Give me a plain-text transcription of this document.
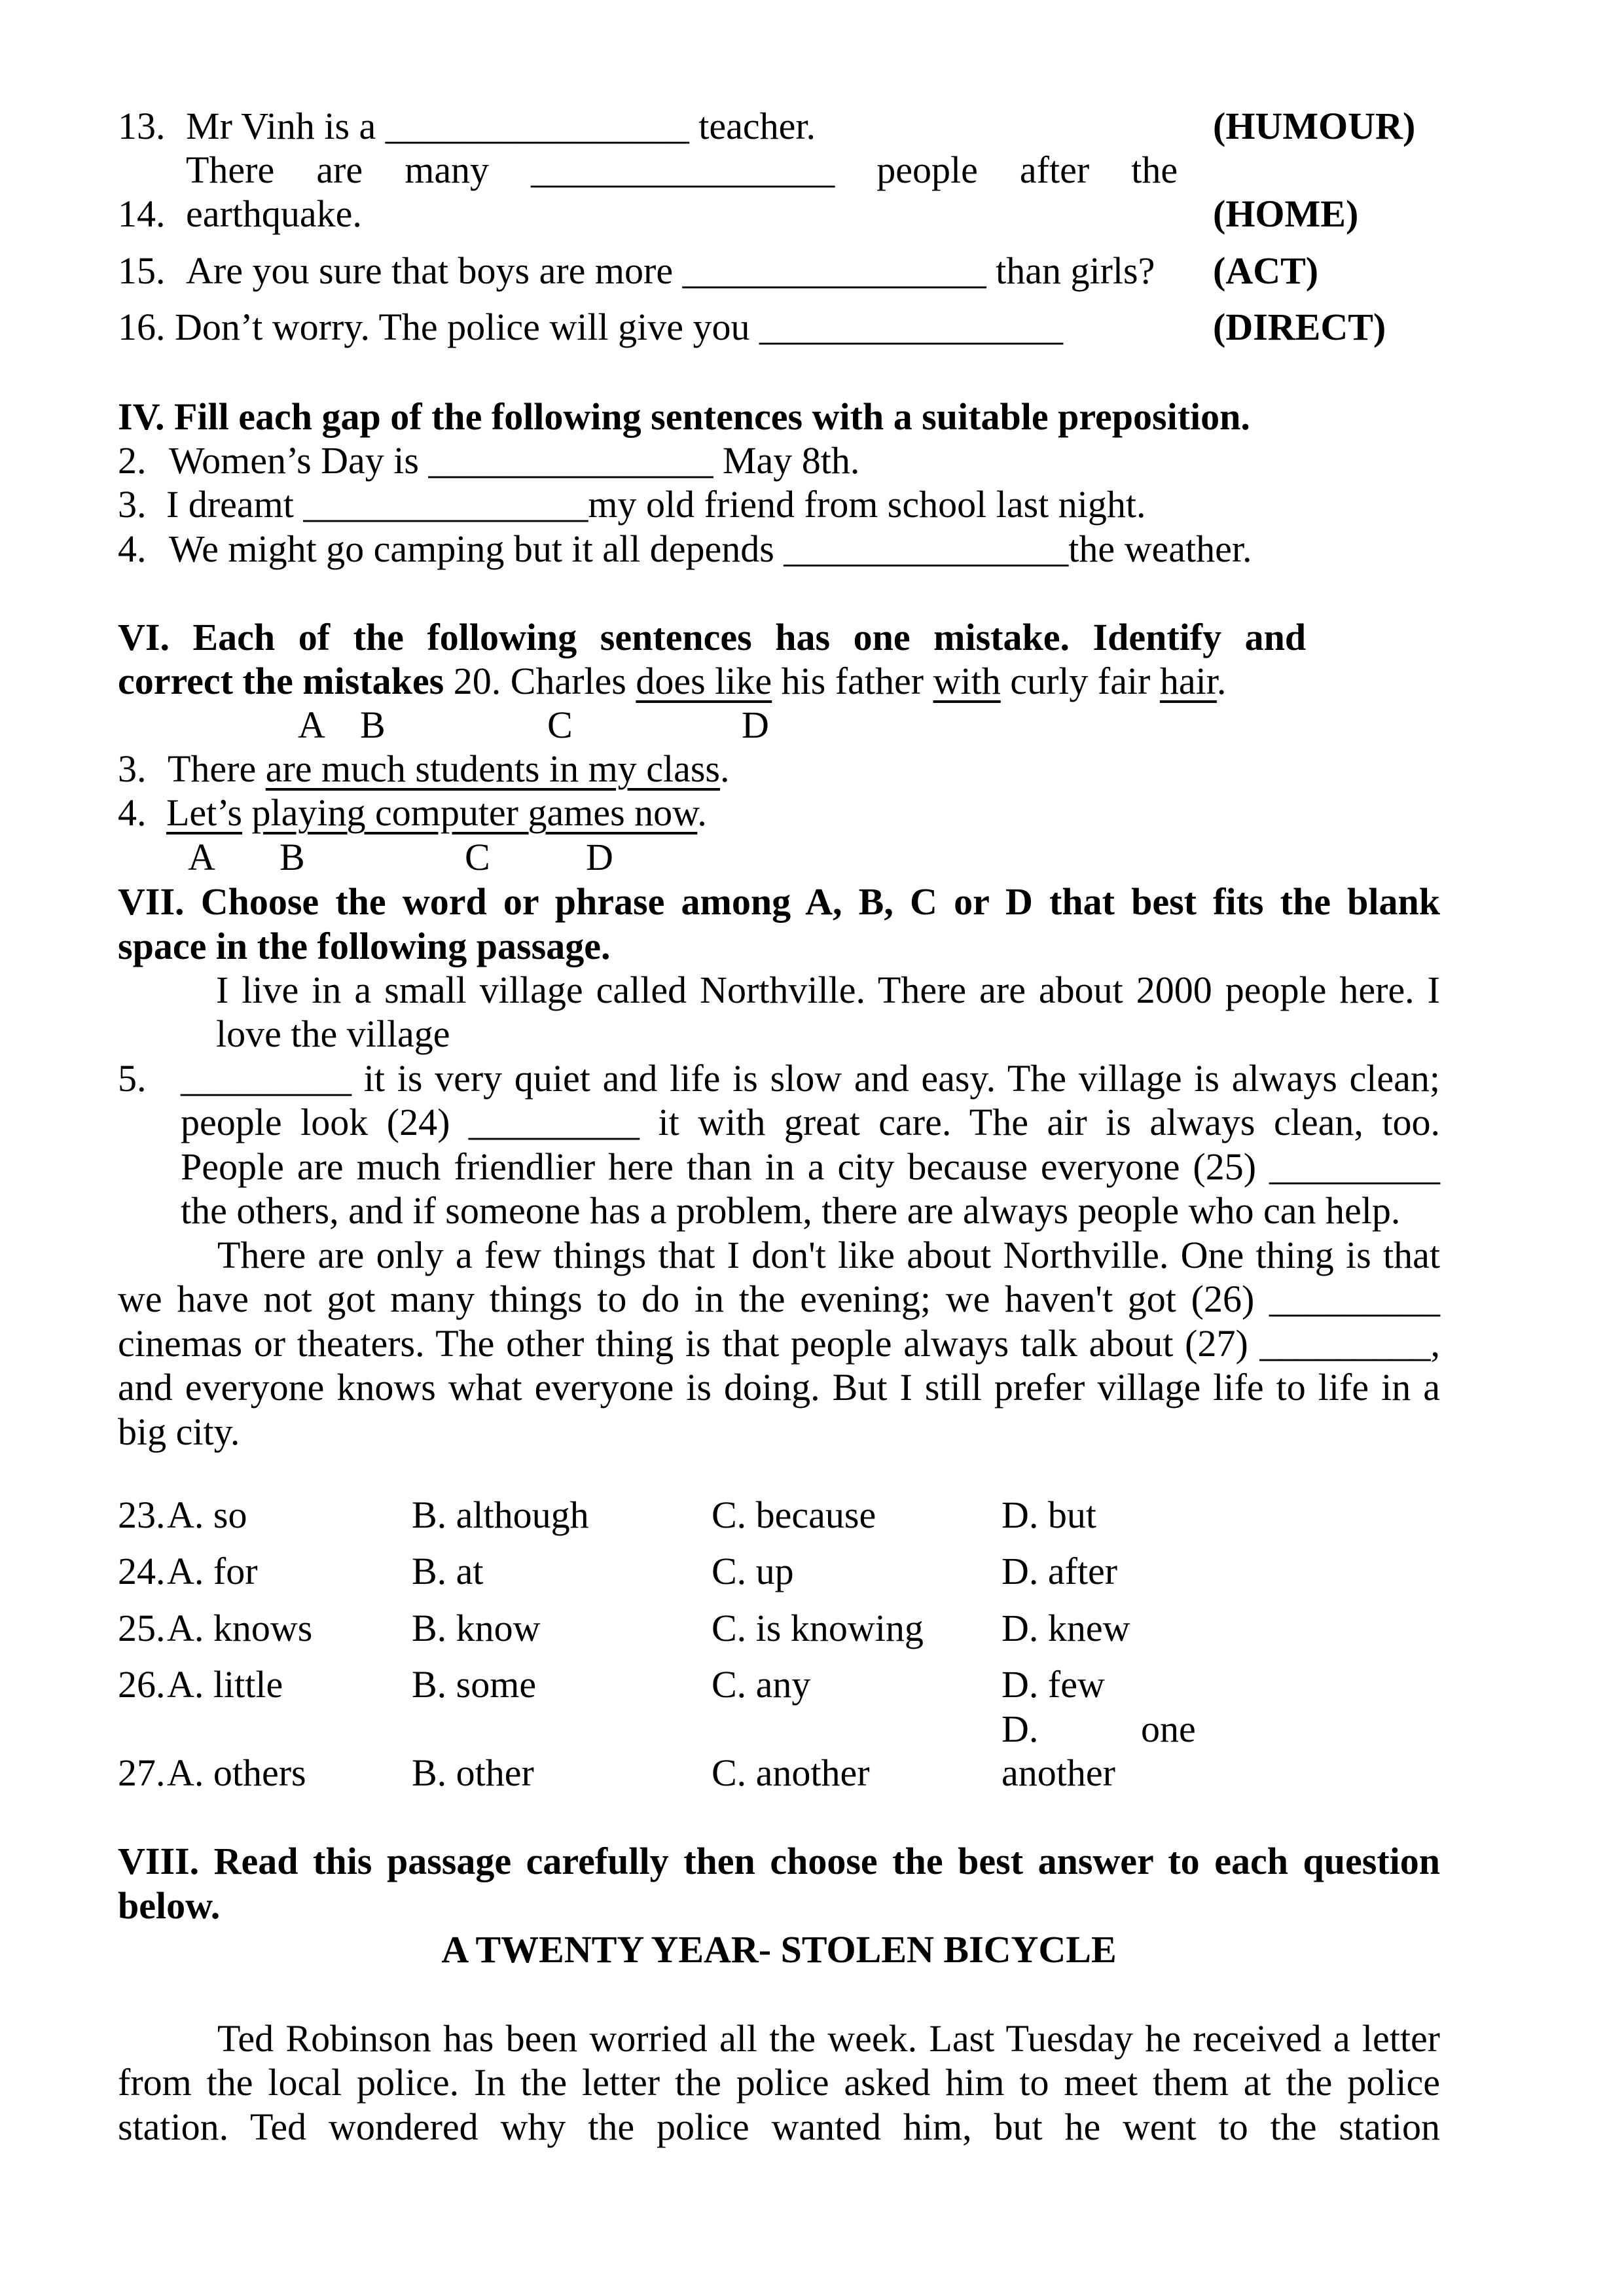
13. Mr Vinh is a ________________ teacher.	(HUMOUR)
There are many ________________ people after the
14. earthquake.	(HOME)
15. Are you sure that boys are more ________________ than girls? (ACT)
16. Don’t worry. The police will give you ________________	(DIRECT)
IV. Fill each gap of the following sentences with a suitable preposition.
2. Women’s Day is _______________ May 8th.
3. I dreamt _______________my old friend from school last night.
4. We might go camping but it all depends _______________the weather.
VI. Each of the following sentences has one mistake. Identify and
correct the mistakes 20. Charles does like his father with curly fair hair.
A B	C	D
3. There are much students in my class.
4. Let’s playing computer games now.
A B	C	D
VII. Choose the word or phrase among A, B, C or D that best fits the blank
space in the following passage.
I live in a small village called Northville. There are about 2000 people here. I
love the village
5. _________ it is very quiet and life is slow and easy. The village is always clean;
people look (24) _________ it with great care. The air is always clean, too.
People are much friendlier here than in a city because everyone (25) _________
the others, and if someone has a problem, there are always people who can help.
There are only a few things that I don't like about Northville. One thing is that
we have not got many things to do in the evening; we haven't got (26) _________
cinemas or theaters. The other thing is that people always talk about (27) _________,
and everyone knows what everyone is doing. But I still prefer village life to life in a
big city.
23. A. so	B. although	C. because	D. but
24. A. for	B. at	C. up	D. after
25. A. knows	B. know	C. is knowing D. knew
26. A. little	B. some	C. any	D. few
27. A. others	B. other	C. another
D.	one
another
VIII. Read this passage carefully then choose the best answer to each question
below.
A TWENTY YEAR- STOLEN BICYCLE
Ted Robinson has been worried all the week. Last Tuesday he received a letter
from the local police. In the letter the police asked him to meet them at the police
station. Ted wondered why the police wanted him, but he went to the station
